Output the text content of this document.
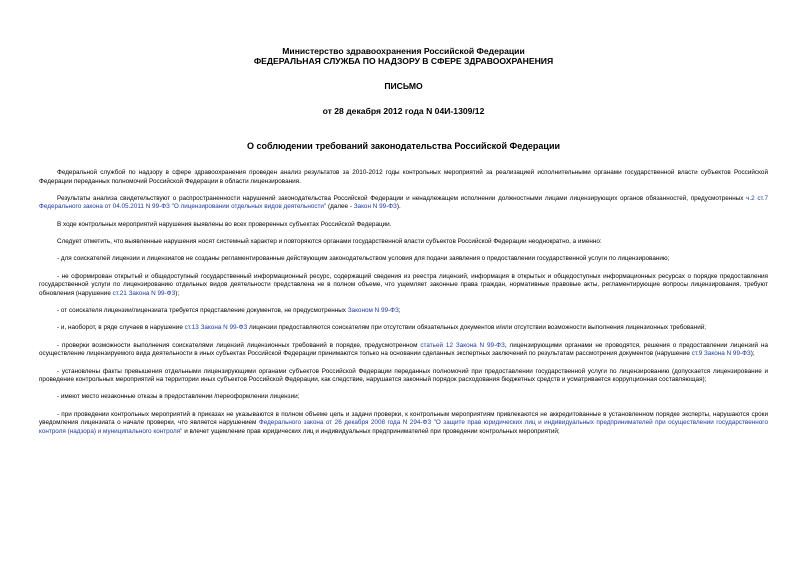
Министерство здравоохранения Российской Федерации
ФЕДЕРАЛЬНАЯ СЛУЖБА ПО НАДЗОРУ В СФЕРЕ ЗДРАВООХРАНЕНИЯ
ПИСЬМО
от 28 декабря 2012 года N 04И-1309/12
О соблюдении требований законодательства Российской Федерации

Федеральной службой по надзору в сфере здравоохранения проведен анализ результатов за 2010-2012 годы контрольных мероприятий за реализацией исполнительными органами государственной власти субъектов Российской Федерации переданных полномочий Российской Федерации в области лицензирования.

Результаты анализа свидетельствуют о распространенности нарушений законодательства Российской Федерации и ненадлежащем исполнении должностными лицами лицензирующих органов обязанностей, предусмотренных ч.2 ст.7 Федерального закона от 04.05.2011 N 99-ФЗ "О лицензировании отдельных видов деятельности" (далее - Закон N 99-ФЗ).

В ходе контрольных мероприятий нарушения выявлены во всех проверенных субъектах Российской Федерации.

Следует отметить, что выявленные нарушения носят системный характер и повторяются органами государственной власти субъектов Российской Федерации неоднократно, а именно:

- для соискателей лицензии и лицензиатов не созданы регламентированные действующим законодательством условия для подачи заявления о предоставлении государственной услуги по лицензированию;

- не сформирован открытый и общедоступный государственный информационный ресурс, содержащий сведения из реестра лицензий, информация в открытых и общедоступных информационных ресурсах о порядке предоставления государственной услуги по лицензированию отдельных видов деятельности представлена не в полном объеме, что ущемляет законные права граждан, нормативные правовые акты, регламентирующие вопросы лицензирования, требуют обновления (нарушение ст.21 Закона N 99-ФЗ);

- от соискателя лицензии/лицензиата требуется представление документов, не предусмотренных Законом N 99-ФЗ;

- и, наоборот, в ряде случаев в нарушение ст.13 Закона N 99-ФЗ лицензии предоставляются соискателям при отсутствии обязательных документов и/или отсутствии возможности выполнения лицензионных требований;

- проверки возможности выполнения соискателями лицензий лицензионных требований в порядке, предусмотренном статьей 12 Закона N 99-ФЗ, лицензирующими органами не проводятся, решения о предоставлении лицензий на осуществление лицензируемого вида деятельности в иных субъектах Российской Федерации принимаются только на основании сделанных экспертных заключений по результатам рассмотрения документов (нарушение ст.9 Закона N 99-ФЗ);

- установлены факты превышения отдельными лицензирующими органами субъектов Российской Федерации переданных полномочий при предоставлении государственной услуги по лицензированию (допускается лицензирование и проведение контрольных мероприятий на территории иных субъектов Российской Федерации, как следствие, нарушается законный порядок расходования бюджетных средств и усматривается коррупционная составляющая);

- имеют место незаконные отказы в предоставлении /переоформлении лицензии;

- при проведении контрольных мероприятий в приказах не указываются в полном объеме цель и задачи проверки, к контрольным мероприятиям привлекаются не аккредитованные в установленном порядке эксперты, нарушаются сроки уведомления лицензиата о начале проверки, что является нарушением Федерального закона от 26 декабря 2008 года N 294-ФЗ "О защите прав юридических лиц и индивидуальных предпринимателей при осуществлении государственного контроля (надзора) и муниципального контроля" и влечет ущемление прав юридических лиц и индивидуальных предпринимателей при проведении контрольных мероприятий;
